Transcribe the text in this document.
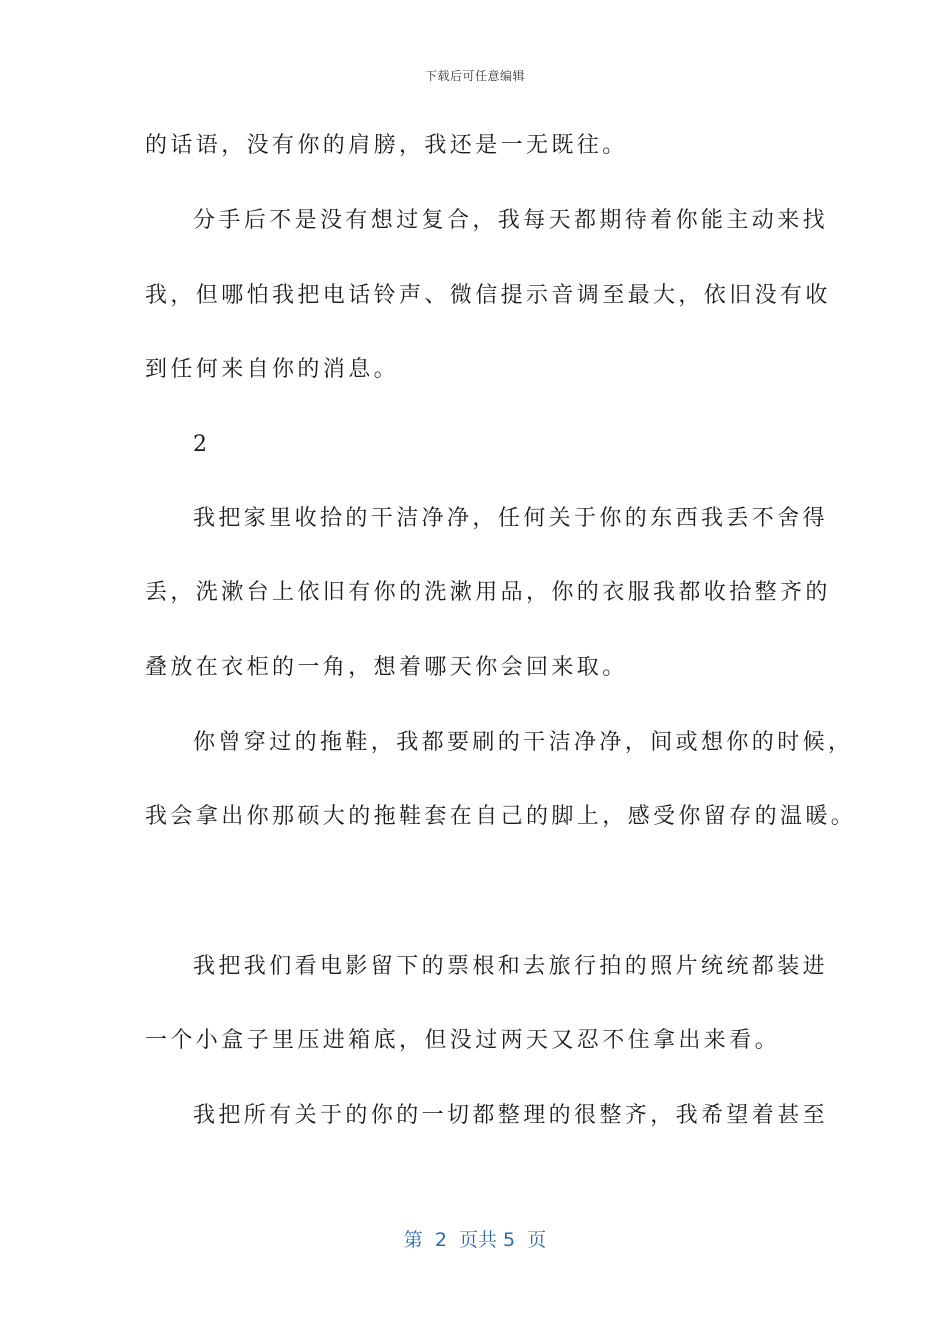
下载后可任意编辑
的话语，没有你的肩膀，我还是一无既往。
分手后不是没有想过复合，我每天都期待着你能主动来找
我，但哪怕我把电话铃声、微信提示音调至最大，依旧没有收
到任何来自你的消息。
2
我把家里收拾的干洁净净，任何关于你的东西我丢不舍得
丢，洗漱台上依旧有你的洗漱用品，你的衣服我都收拾整齐的
叠放在衣柜的一角，想着哪天你会回来取。
你曾穿过的拖鞋，我都要刷的干洁净净，间或想你的时候，
我会拿出你那硕大的拖鞋套在自己的脚上，感受你留存的温暖。
我把我们看电影留下的票根和去旅行拍的照片统统都装进
一个小盒子里压进箱底，但没过两天又忍不住拿出来看。
我把所有关于的你的一切都整理的很整齐，我希望着甚至
第  2  页共 5  页
